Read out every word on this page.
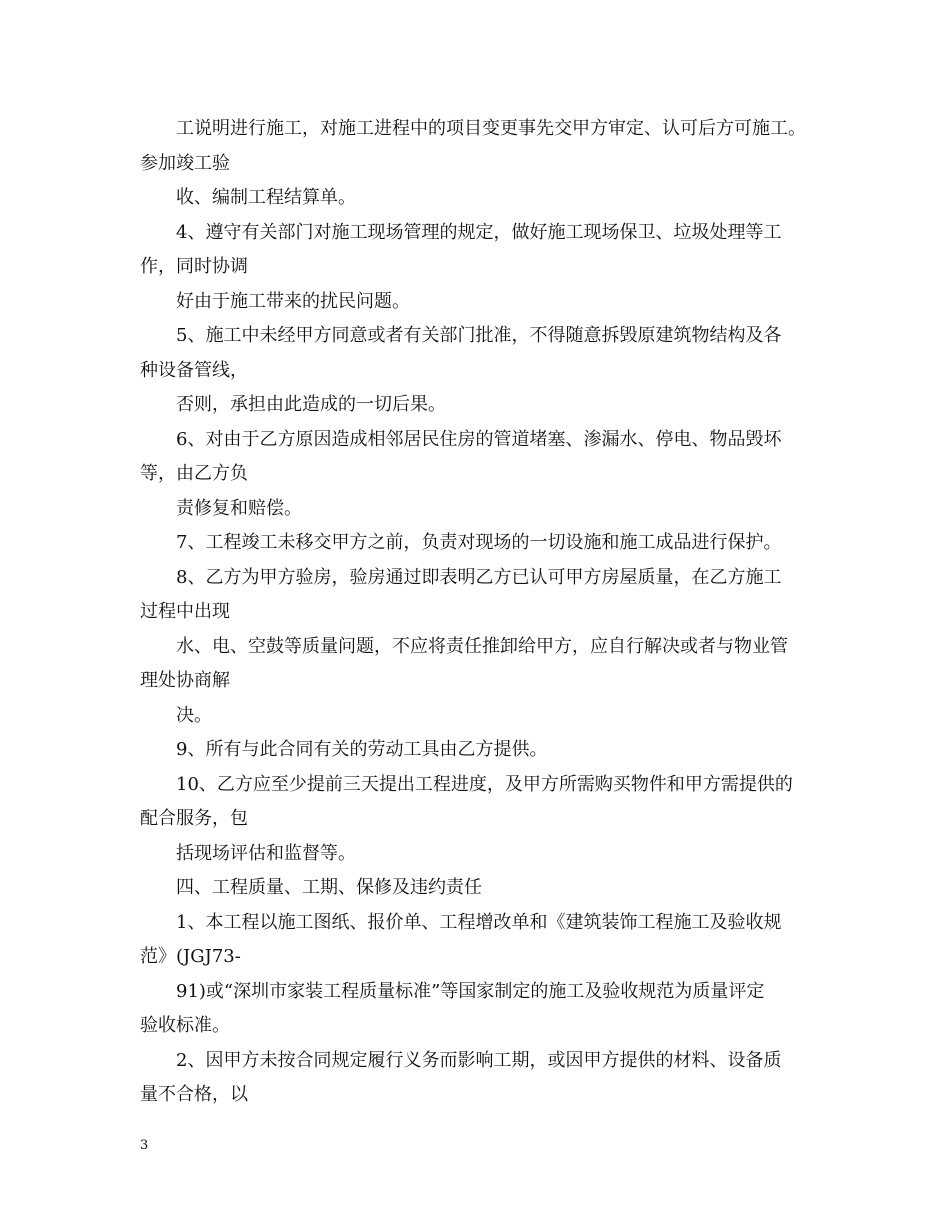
工说明进行施工，对施工进程中的项目变更事先交甲方审定、认可后方可施工。
参加竣工验
收、编制工程结算单。
4、遵守有关部门对施工现场管理的规定，做好施工现场保卫、垃圾处理等工
作，同时协调
好由于施工带来的扰民问题。
5、施工中未经甲方同意或者有关部门批准，不得随意拆毁原建筑物结构及各
种设备管线，
否则，承担由此造成的一切后果。
6、对由于乙方原因造成相邻居民住房的管道堵塞、渗漏水、停电、物品毁坏
等，由乙方负
责修复和赔偿。
7、工程竣工未移交甲方之前，负责对现场的一切设施和施工成品进行保护。
8、乙方为甲方验房，验房通过即表明乙方已认可甲方房屋质量，在乙方施工
过程中出现
水、电、空鼓等质量问题，不应将责任推卸给甲方，应自行解决或者与物业管
理处协商解
决。
9、所有与此合同有关的劳动工具由乙方提供。
10、乙方应至少提前三天提出工程进度，及甲方所需购买物件和甲方需提供的
配合服务，包
括现场评估和监督等。
四、工程质量、工期、保修及违约责任
1、本工程以施工图纸、报价单、工程增改单和《建筑装饰工程施工及验收规
范》(JGJ73-
91)或“深圳市家装工程质量标准”等国家制定的施工及验收规范为质量评定
验收标准。
2、因甲方未按合同规定履行义务而影响工期，或因甲方提供的材料、设备质
量不合格，以
3
